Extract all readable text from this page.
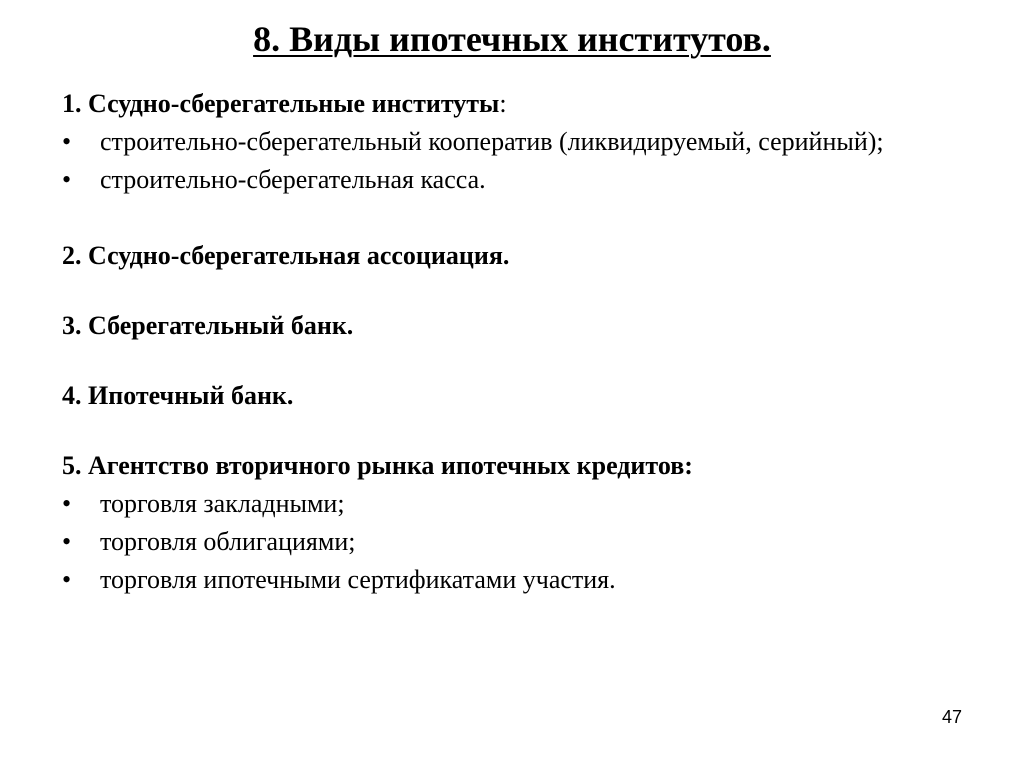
8. Виды ипотечных институтов.

1. Ссудно-сберегательные институты:

• строительно-сберегательный кооператив (ликвидируемый, серийный);
• строительно-сберегательная касса.

2. Ссудно-сберегательная ассоциация.

3. Сберегательный банк.

4. Ипотечный банк.

5. Агентство вторичного рынка ипотечных кредитов:

• торговля закладными;
• торговля облигациями;
• торговля ипотечными сертификатами участия.
47
